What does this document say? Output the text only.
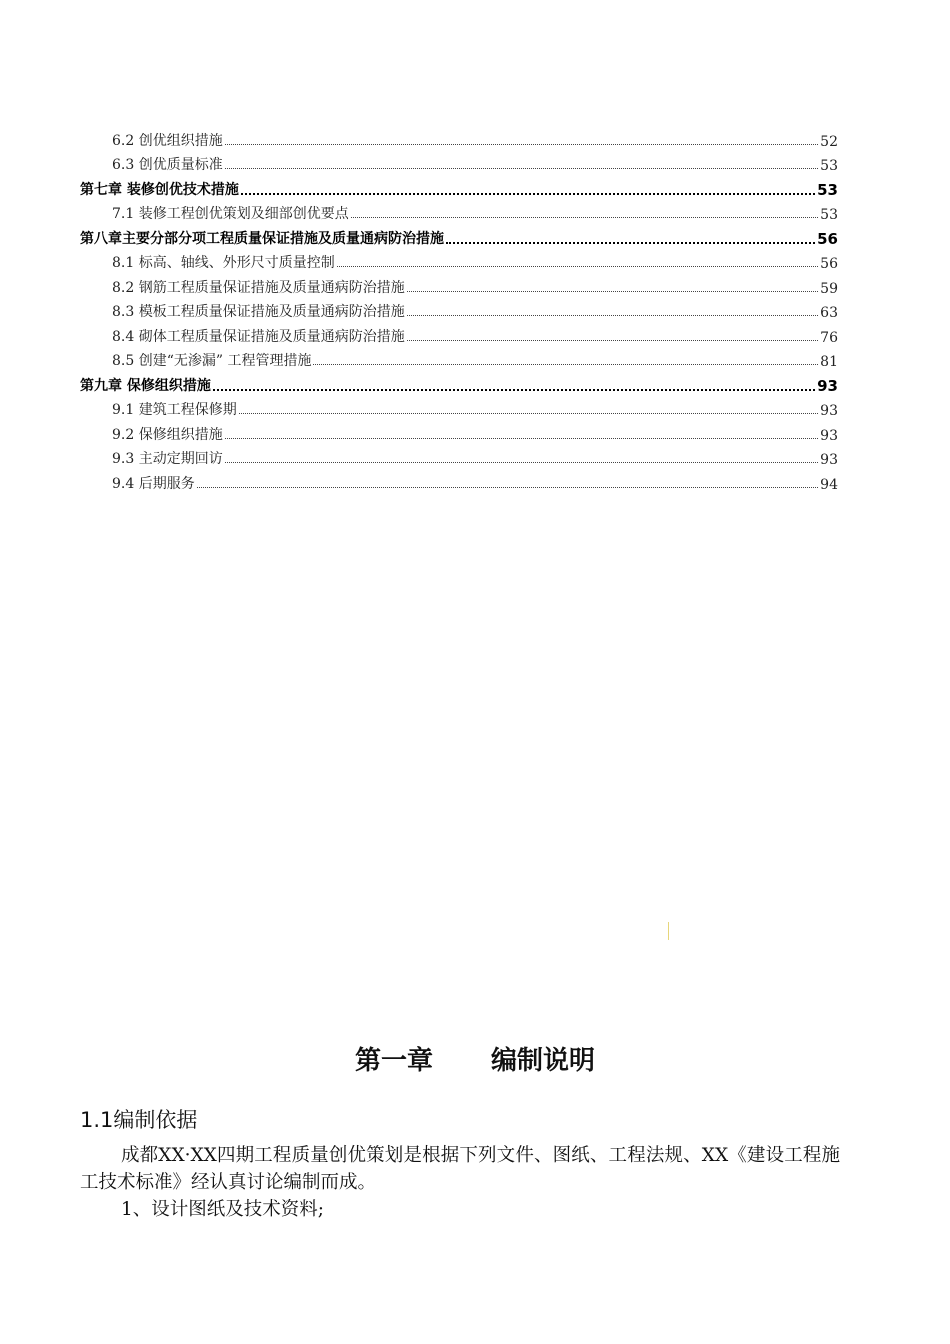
6.2 创优组织措施	52
6.3 创优质量标准	53
第七章 装修创优技术措施	53
7.1 装修工程创优策划及细部创优要点	53
第八章主要分部分项工程质量保证措施及质量通病防治措施	56
8.1 标高、轴线、外形尺寸质量控制	56
8.2 钢筋工程质量保证措施及质量通病防治措施	59
8.3 模板工程质量保证措施及质量通病防治措施	63
8.4 砌体工程质量保证措施及质量通病防治措施	76
8.5 创建“无渗漏” 工程管理措施	81
第九章 保修组织措施	93
9.1 建筑工程保修期	93
9.2 保修组织措施	93
9.3 主动定期回访	93
9.4 后期服务	94
第一章 编制说明
1.1编制依据
成都XX·XX四期工程质量创优策划是根据下列文件、图纸、工程法规、XX《建设工程施工技术标准》经认真讨论编制而成。
1、设计图纸及技术资料;
